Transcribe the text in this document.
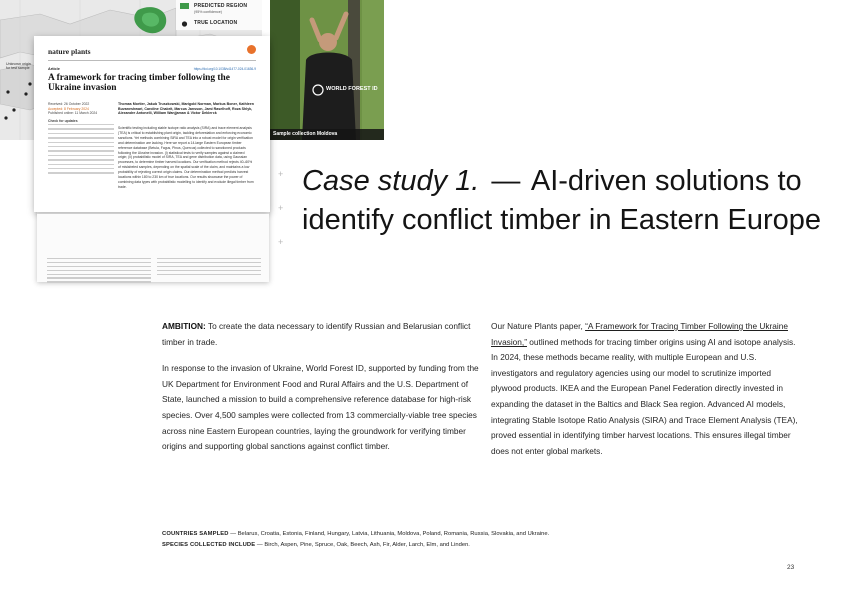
Unknown origin
for test sample
PREDICTED REGION
(95% confidence)
TRUE LOCATION
WORLD FOREST ID
Sample collection Moldova
nature plants
Article	https://doi.org/10.1038/s41477-024-01636-9
A framework for tracing timber following the Ukraine invasion
Received: 26 October 2022
Accepted: 8 February 2024
Published online: 11 March 2024
Check for updates
Thomas Mortier, Jakub Truszkowski, Marigold Norman, Markus Boner, Kathleen Buvaneshwari, Caroline Chabrit, Marcus Jansson, Jami Raselhoff, Roza Shlyk, Alexandre Antonelli, William Wanjjaman & Victor Deklerck
Scientific testing including stable isotope ratio analysis (SIRA) and trace element analysis (TEA) is critical to establishing plant origin, tackling deforestation and enforcing economic sanctions. Yet methods combining SIRA and TEA into a robust model for origin verification and determination are lacking. Here we report a 14-large Eastern European timber reference database (Betula, Fagus, Pinus, Quercus) collected to sanctioned products following the Ukraine invasion. (i) statistical tests to verify samples against a claimed origin; (ii) probabilistic model of SIRA, TEA and gene distribution data, using Gaussian processes, to determine timber harvest locations. Our verification method rejects 40–60% of mislabeled samples, depending on the spatial scale of the claim, and maintains a low probability of rejecting correct origin claims. Our determination method predicts harvest locations within 180 to 230 km of true locations. Our results showcase the power of combining data types with probabilistic modelling to identify and exclude illegal timber from trade.
+
+
+
Case study 1. — AI-driven solutions to identify conflict timber in Eastern Europe

AMBITION: To create the data necessary to identify Russian and Belarusian conflict timber in trade.

In response to the invasion of Ukraine, World Forest ID, supported by funding from the UK Department for Environment Food and Rural Affairs and the U.S. Department of State, launched a mission to build a comprehensive reference database for high-risk species. Over 4,500 samples were collected from 13 commercially-viable tree species across nine Eastern European countries, laying the groundwork for verifying timber origins and supporting global sanctions against conflict timber.

Our Nature Plants paper, “A Framework for Tracing Timber Following the Ukraine Invasion,” outlined methods for tracing timber origins using AI and isotope analysis. In 2024, these methods became reality, with multiple European and U.S. investigators and regulatory agencies using our model to scrutinize imported plywood products. IKEA and the European Panel Federation directly invested in expanding the dataset in the Baltics and Black Sea region. Advanced AI models, integrating Stable Isotope Ratio Analysis (SIRA) and Trace Element Analysis (TEA), proved essential in identifying timber harvest locations. This ensures illegal timber does not enter global markets.

COUNTRIES SAMPLED — Belarus, Croatia, Estonia, Finland, Hungary, Latvia, Lithuania, Moldova, Poland, Romania, Russia, Slovakia, and Ukraine.
SPECIES COLLECTED INCLUDE — Birch, Aspen, Pine, Spruce, Oak, Beech, Ash, Fir, Alder, Larch, Elm, and Linden.
23
